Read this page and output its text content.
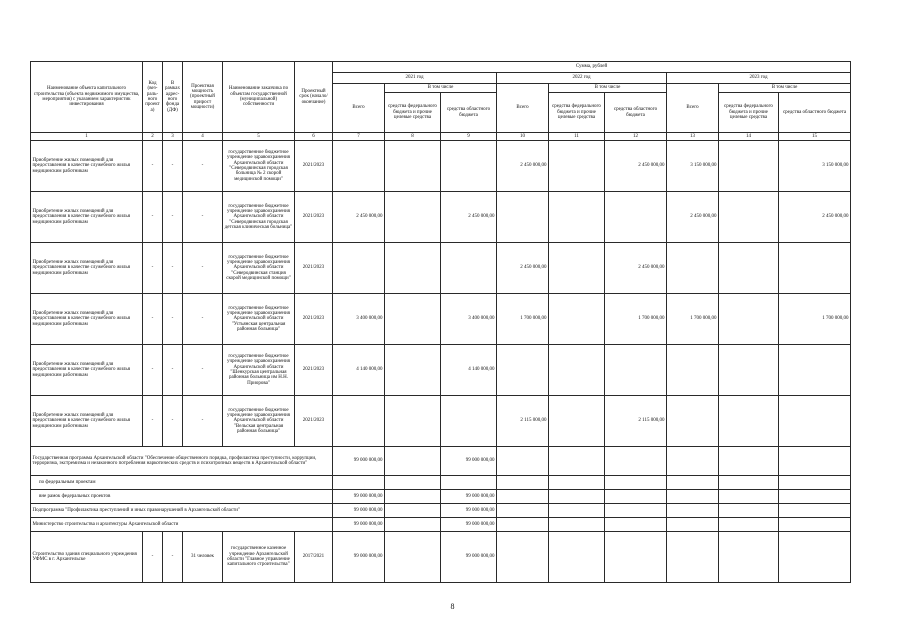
Наименование объекта капитального строительства (объекта недвижимого имущества, мероприятия) с указанием характеристик инвестирования	Код (вез-раль-ного проекта)	В рамках адрес-ного фонда (ДФ)	Проектная мощность (проектный прирост мощности)	Наименование заказчика по объектам государственной (муниципальной) собственности	Проектный срок (начало/окончание)	Сумма, рублей								
						2021 год			2022 год			2023 год		
						Всего	В том числе		Всего	В том числе		Всего	В том числе	
							средства федерального бюджета и прочие целевые средства	средства областного бюджета		средства федерального бюджета и прочие целевые средства	средства областного бюджета		средства федерального бюджета и прочие целевые средства	средства областного бюджета
1	2	3	4	5	6	7	8	9	10	11	12	13	14	15
Приобретение жилых помещений для предоставления в качестве служебного жилья медицинским работникам	-	-	-	государственное бюджетное учреждение здравоохранения Архангельской области "Северодвинская городская больница № 2 скорой медицинской помощи"	2021/2023				2 450 000,00		2 450 000,00	3 150 000,00		3 150 000,00
Приобретение жилых помещений для предоставления в качестве служебного жилья медицинским работникам	-	-	-	государственное бюджетное учреждение здравоохранения Архангельской области "Северодвинская городская детская клиническая больница"	2021/2023	2 450 000,00		2 450 000,00				2 450 000,00		2 450 000,00
Приобретение жилых помещений для предоставления в качестве служебного жилья медицинским работникам	-	-	-	государственное бюджетное учреждение здравоохранения Архангельской области "Северодвинская станция скорой медицинской помощи"	2021/2023				2 450 000,00		2 450 000,00			
Приобретение жилых помещений для предоставления в качестве служебного жилья медицинским работникам	-	-	-	государственное бюджетное учреждение здравоохранения Архангельской области "Устьянская центральная районная больница"	2021/2023	3 400 000,00		3 400 000,00	1 700 000,00		1 700 000,00	1 700 000,00		1 700 000,00
Приобретение жилых помещений для предоставления в качестве служебного жилья медицинским работникам	-	-	-	государственное бюджетное учреждение здравоохранения Архангельской области "Шенкурская центральная районная больница им Н.Н. Приорова"	2021/2023	4 140 000,00		4 140 000,00						
Приобретение жилых помещений для предоставления в качестве служебного жилья медицинским работникам	-	-	-	государственное бюджетное учреждение здравоохранения Архангельской области "Вельская центральная районная больница"	2021/2023				2 115 000,00		2 115 000,00			
Государственная программа Архангельской области "Обеспечение общественного порядка, профилактика преступности, коррупции, терроризма, экстремизма и незаконного потребления наркотических средств и психотропных веществ в Архангельской области"						99 000 000,00		99 000 000,00						
по федеральным проектам														
вне рамок федеральных проектов						99 000 000,00		99 000 000,00						
Подпрограмма "Профилактика преступлений и иных правонарушений в Архангельской области"						99 000 000,00		99 000 000,00						
Министерство строительства и архитектуры Архангельской области						99 000 000,00		99 000 000,00						
Строительство здания специального учреждения УФМС в г. Архангельске	-	-	31 человек	государственное казенное учреждение Архангельской области "Главное управление капитального строительства"	2017/2021	99 000 000,00		99 000 000,00						
8
